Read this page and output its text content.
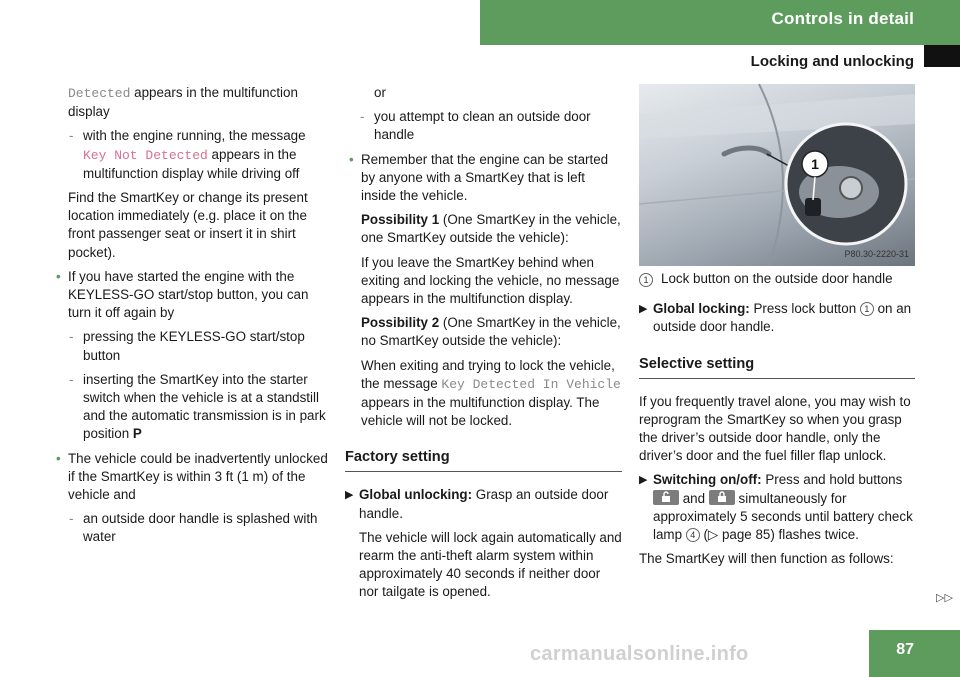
Controls in detail
Locking and unlocking

Detected appears in the multifunction display

- with the engine running, the message Key Not Detected appears in the multifunction display while driving off

Find the SmartKey or change its present location immediately (e.g. place it on the front passenger seat or insert it in shirt pocket).

• If you have started the engine with the KEYLESS-GO start/stop button, you can turn it off again by
- pressing the KEYLESS-GO start/stop button
- inserting the SmartKey into the starter switch when the vehicle is at a standstill and the automatic transmission is in park position P
• The vehicle could be inadvertently unlocked if the SmartKey is within 3 ft (1 m) of the vehicle and
- an outside door handle is splashed with water

or

- you attempt to clean an outside door handle
• Remember that the engine can be started by anyone with a SmartKey that is left inside the vehicle.

Possibility 1 (One SmartKey in the vehicle, one SmartKey outside the vehicle):

If you leave the SmartKey behind when exiting and locking the vehicle, no message appears in the multifunction display.

Possibility 2 (One SmartKey in the vehicle, no SmartKey outside the vehicle):

When exiting and trying to lock the vehicle, the message Key Detected In Vehicle appears in the multifunction display. The vehicle will not be locked.

Factory setting
▶ Global unlocking: Grasp an outside door handle.

The vehicle will lock again automatically and rearm the anti-theft alarm system within approximately 40 seconds if neither door nor tailgate is opened.

1
P80.30-2220-31
1 Lock button on the outside door handle
▶ Global locking: Press lock button 1 on an outside door handle.
Selective setting

If you frequently travel alone, you may wish to reprogram the SmartKey so when you grasp the driver’s outside door handle, only the driver’s door and the fuel filler flap unlock.

▶ Switching on/off: Press and hold buttons
and
simultaneously for approximately 5 seconds until battery check lamp 4 (▷ page 85) flashes twice.

The SmartKey will then function as follows:

▷▷
carmanualsonline.info	87
